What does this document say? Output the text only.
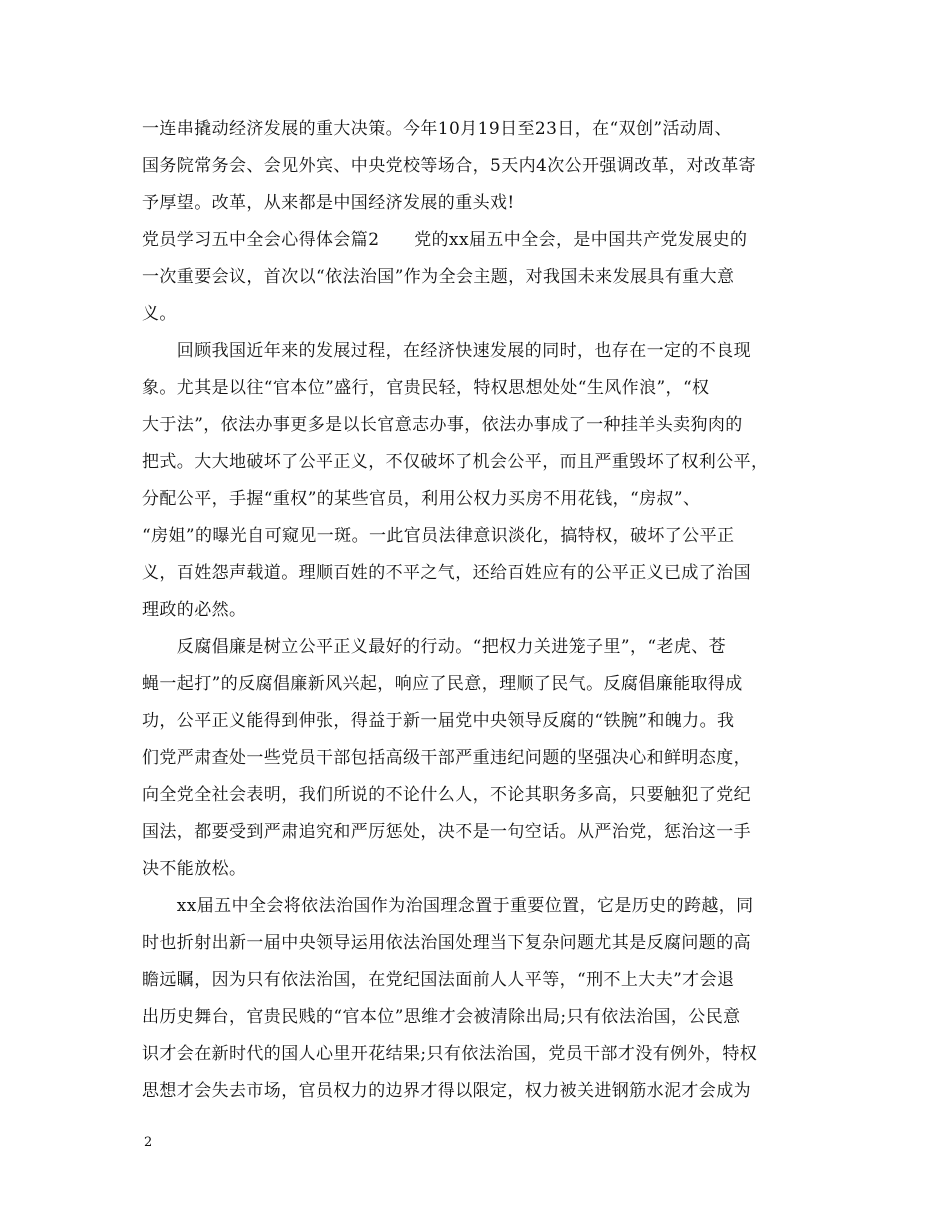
一连串撬动经济发展的重大决策。今年10月19日至23日，在“双创”活动周、
国务院常务会、会见外宾、中央党校等场合，5天内4次公开强调改革，对改革寄
予厚望。改革，从来都是中国经济发展的重头戏!
党员学习五中全会心得体会篇2　　党的xx届五中全会，是中国共产党发展史的
一次重要会议，首次以“依法治国”作为全会主题，对我国未来发展具有重大意
义。
　　回顾我国近年来的发展过程，在经济快速发展的同时，也存在一定的不良现
象。尤其是以往“官本位”盛行，官贵民轻，特权思想处处“生风作浪”，“权
大于法”，依法办事更多是以长官意志办事，依法办事成了一种挂羊头卖狗肉的
把式。大大地破坏了公平正义，不仅破坏了机会公平，而且严重毁坏了权利公平，
分配公平，手握“重权”的某些官员，利用公权力买房不用花钱，“房叔”、
“房姐”的曝光自可窥见一斑。一此官员法律意识淡化，搞特权，破坏了公平正
义，百姓怨声载道。理顺百姓的不平之气，还给百姓应有的公平正义已成了治国
理政的必然。
　　反腐倡廉是树立公平正义最好的行动。“把权力关进笼子里”，“老虎、苍
蝇一起打”的反腐倡廉新风兴起，响应了民意，理顺了民气。反腐倡廉能取得成
功，公平正义能得到伸张，得益于新一届党中央领导反腐的“铁腕”和魄力。我
们党严肃查处一些党员干部包括高级干部严重违纪问题的坚强决心和鲜明态度，
向全党全社会表明，我们所说的不论什么人，不论其职务多高，只要触犯了党纪
国法，都要受到严肃追究和严厉惩处，决不是一句空话。从严治党，惩治这一手
决不能放松。
　　xx届五中全会将依法治国作为治国理念置于重要位置，它是历史的跨越，同
时也折射出新一届中央领导运用依法治国处理当下复杂问题尤其是反腐问题的高
瞻远瞩，因为只有依法治国，在党纪国法面前人人平等，“刑不上大夫”才会退
出历史舞台，官贵民贱的“官本位”思维才会被清除出局;只有依法治国，公民意
识才会在新时代的国人心里开花结果;只有依法治国，党员干部才没有例外，特权
思想才会失去市场，官员权力的边界才得以限定，权力被关进钢筋水泥才会成为
2
